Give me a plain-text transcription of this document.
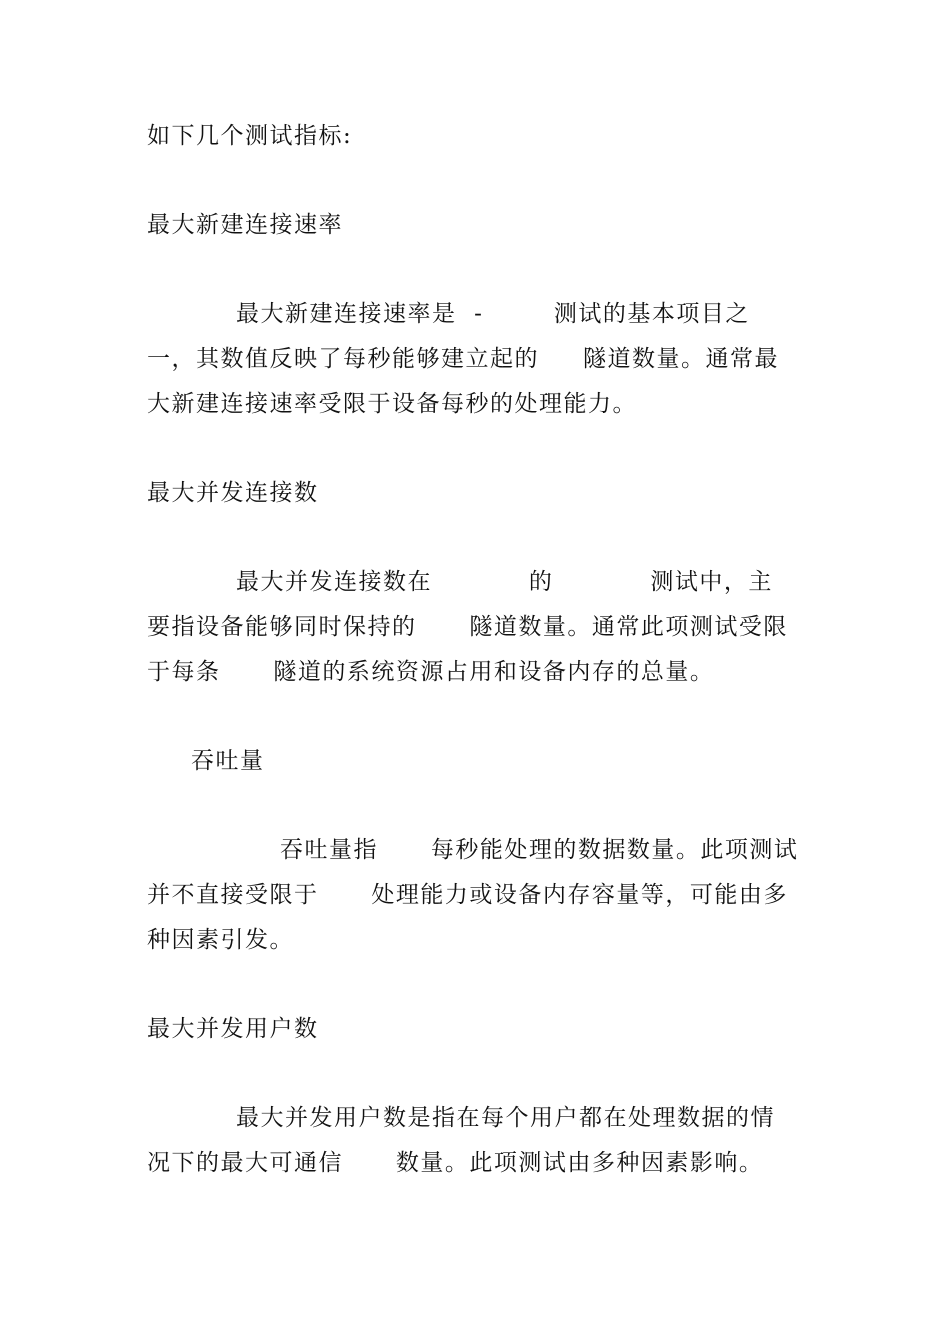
如下几个测试指标:
最大新建连接速率
最大新建连接速率是  -        测试的基本项目之
一，其数值反映了每秒能够建立起的     隧道数量。通常最
大新建连接速率受限于设备每秒的处理能力。
最大并发连接数
最大并发连接数在           的           测试中，主
要指设备能够同时保持的      隧道数量。通常此项测试受限
于每条      隧道的系统资源占用和设备内存的总量。
吞吐量
吞吐量指      每秒能处理的数据数量。此项测试
并不直接受限于      处理能力或设备内存容量等，可能由多
种因素引发。
最大并发用户数
最大并发用户数是指在每个用户都在处理数据的情
况下的最大可通信      数量。此项测试由多种因素影响。
